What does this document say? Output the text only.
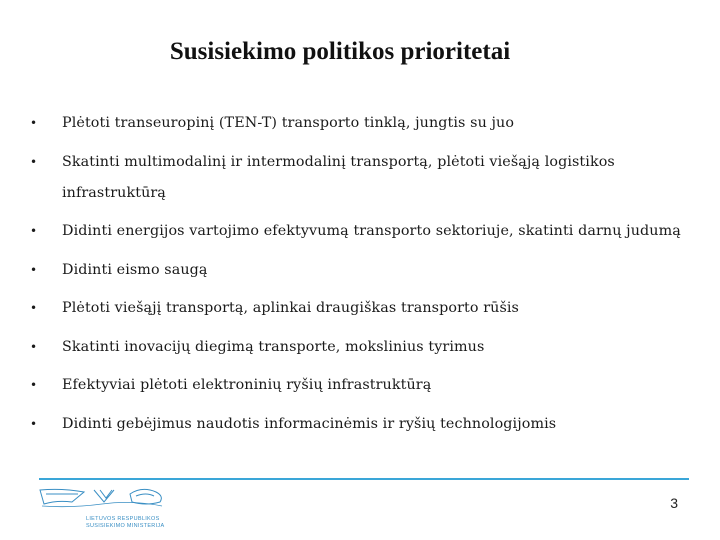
Susisiekimo politikos prioritetai
•	Plėtoti transeuropinį (TEN-T) transporto tinklą, jungtis su juo
•	Skatinti multimodalinį ir intermodalinį transportą, plėtoti viešąją logistikos infrastruktūrą
•	Didinti energijos vartojimo efektyvumą transporto sektoriuje, skatinti darnų judumą
•	Didinti eismo saugą
•	Plėtoti viešąjį transportą, aplinkai draugiškas transporto rūšis
•	Skatinti inovacijų diegimą transporte, mokslinius tyrimus
•	Efektyviai plėtoti elektroninių ryšių infrastruktūrą
•	Didinti gebėjimus naudotis informacinėmis ir ryšių technologijomis
LIETUVOS RESPUBLIKOS
SUSISIEKIMO MINISTERIJA
3
